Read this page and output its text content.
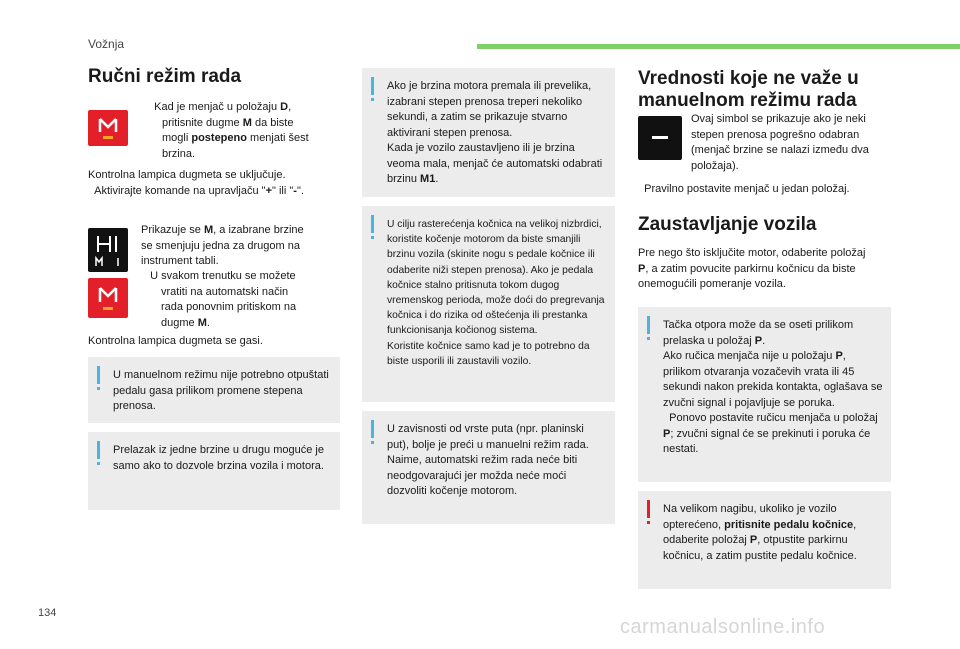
Vožnja
Ručni režim rada
Kad je menjač u položaju D,
pritisnite dugme M da biste
mogli postepeno menjati šest
brzina.
Kontrolna lampica dugmeta se uključuje.
Aktivirajte komande na upravljaču "+" ili "-".
Prikazuje se M, a izabrane brzine
se smenjuju jedna za drugom na
instrument tabli.
U svakom trenutku se možete
vratiti na automatski način
rada ponovnim pritiskom na
dugme M.
Kontrolna lampica dugmeta se gasi.
U manuelnom režimu nije potrebno otpuštati pedalu gasa prilikom promene stepena prenosa.
Prelazak iz jedne brzine u drugu moguće je samo ako to dozvole brzina vozila i motora.
Ako je brzina motora premala ili prevelika, izabrani stepen prenosa treperi nekoliko sekundi, a zatim se prikazuje stvarno aktivirani stepen prenosa.
Kada je vozilo zaustavljeno ili je brzina veoma mala, menjač će automatski odabrati brzinu M1.
U cilju rasterećenja kočnica na velikoj nizbrdici, koristite kočenje motorom da biste smanjili brzinu vozila (skinite nogu s pedale kočnice ili odaberite niži stepen prenosa). Ako je pedala kočnice stalno pritisnuta tokom dugog vremenskog perioda, može doći do pregrevanja kočnica i do rizika od oštećenja ili prestanka funkcionisanja kočionog sistema.
Koristite kočnice samo kad je to potrebno da biste usporili ili zaustavili vozilo.
U zavisnosti od vrste puta (npr. planinski put), bolje je preći u manuelni režim rada. Naime, automatski režim rada neće biti neodgovarajući jer možda neće moći dozvoliti kočenje motorom.
Vrednosti koje ne važe u
manuelnom režimu rada
Ovaj simbol se prikazuje ako je neki
stepen prenosa pogrešno odabran
(menjač brzine se nalazi između dva
položaja).
Pravilno postavite menjač u jedan položaj.
Zaustavljanje vozila
Pre nego što isključite motor, odaberite položaj
P, a zatim povucite parkirnu kočnicu da biste
onemogućili pomeranje vozila.
Tačka otpora može da se oseti prilikom prelaska u položaj P.
Ako ručica menjača nije u položaju P, prilikom otvaranja vozačevih vrata ili 45 sekundi nakon prekida kontakta, oglašava se zvučni signal i pojavljuje se poruka.
Ponovo postavite ručicu menjača u položaj P; zvučni signal će se prekinuti i poruka će nestati.
Na velikom nagibu, ukoliko je vozilo opterećeno, pritisnite pedalu kočnice, odaberite položaj P, otpustite parkirnu kočnicu, a zatim pustite pedalu kočnice.
134
carmanualsonline.info
